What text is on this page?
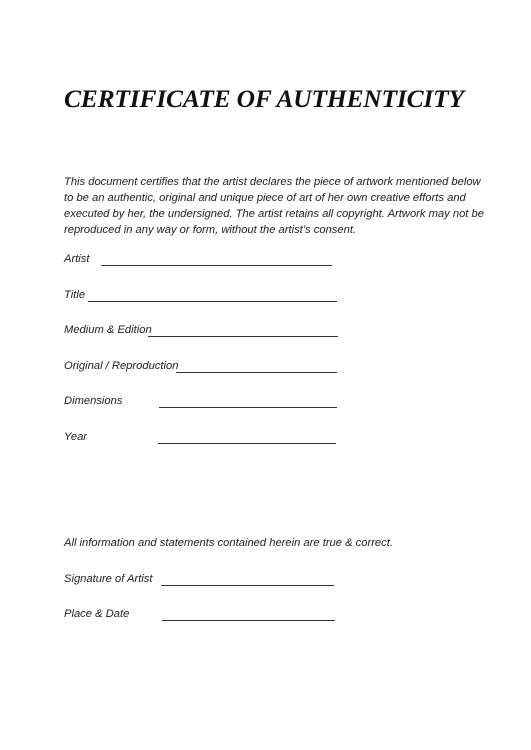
CERTIFICATE OF AUTHENTICITY

This document certifies that the artist declares the piece of artwork mentioned below to be an authentic, original and unique piece of art of her own creative efforts and executed by her, the undersigned. The artist retains all copyright. Artwork may not be reproduced in any way or form, without the artist’s consent.

Artist
Title
Medium & Edition
Original / Reproduction
Dimensions
Year

All information and statements contained herein are true & correct.

Signature of Artist
Place & Date
